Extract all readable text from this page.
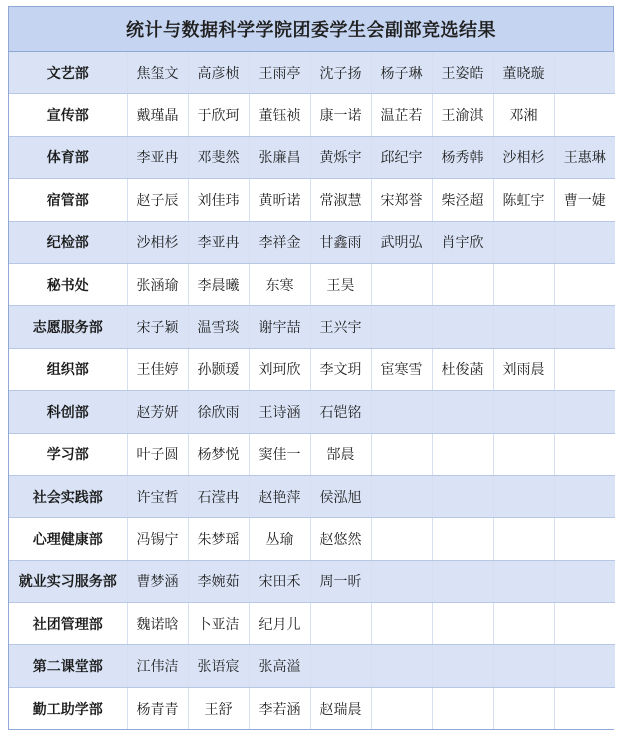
统计与数据科学学院团委学生会副部竞选结果
文艺部	焦玺文	高彦桢	王雨亭	沈子扬	杨子琳	王姿皓	董晓璇	
宣传部	戴瑾晶	于欣珂	董钰祯	康一诺	温芷若	王渝淇	邓湘	
体育部	李亚冉	邓斐然	张廉昌	黄烁宇	邱纪宇	杨秀韩	沙相杉	王惠琳
宿管部	赵子辰	刘佳玮	黄昕诺	常淑慧	宋郑誉	柴泾超	陈虹宇	曹一婕
纪检部	沙相杉	李亚冉	李祥金	甘鑫雨	武明弘	肖宇欣		
秘书处	张涵瑜	李晨曦	东寒	王昊				
志愿服务部	宋子颖	温雪琰	谢宇喆	王兴宇				
组织部	王佳婷	孙颢瑗	刘珂欣	李文玥	宦寒雪	杜俊菡	刘雨晨	
科创部	赵芳妍	徐欣雨	王诗涵	石铠铭				
学习部	叶子圆	杨梦悦	窦佳一	郜晨				
社会实践部	许宝哲	石滢冉	赵艳萍	侯泓旭				
心理健康部	冯锡宁	朱梦瑶	丛瑜	赵悠然				
就业实习服务部	曹梦涵	李婉茹	宋田禾	周一昕				
社团管理部	魏诺晗	卜亚洁	纪月儿					
第二课堂部	江伟洁	张语宸	张高溢					
勤工助学部	杨青青	王舒	李若涵	赵瑞晨				
